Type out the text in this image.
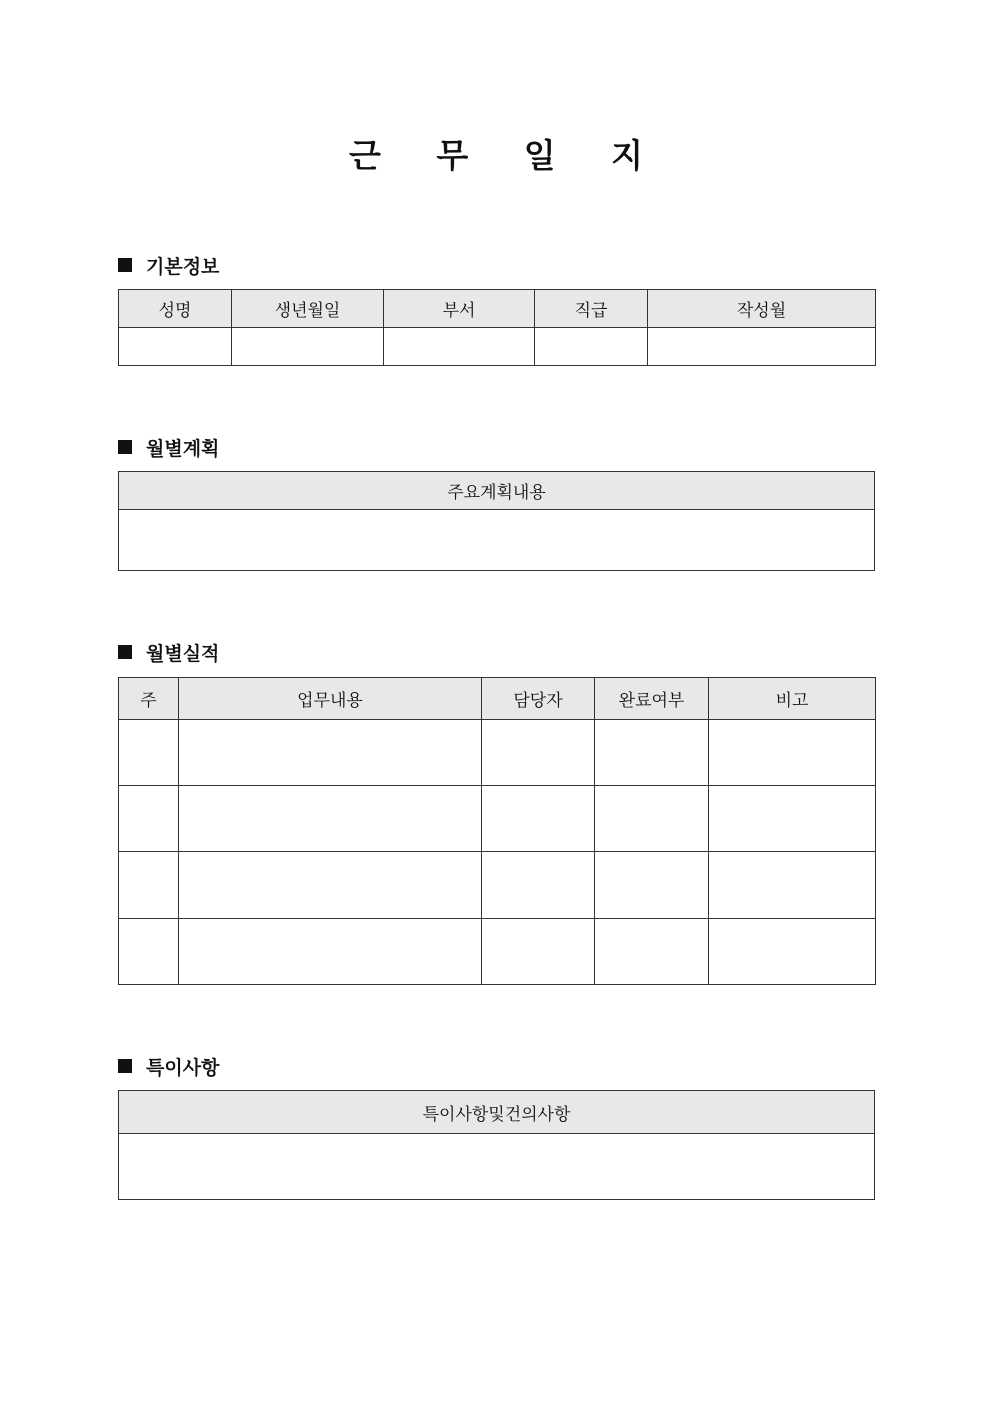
근 무 일 지
기본정보
성명	생년월일	부서	직급	작성월

월별계획
주요계획내용

월별실적
주	업무내용	담당자	완료여부	비고

특이사항
특이사항및건의사항
